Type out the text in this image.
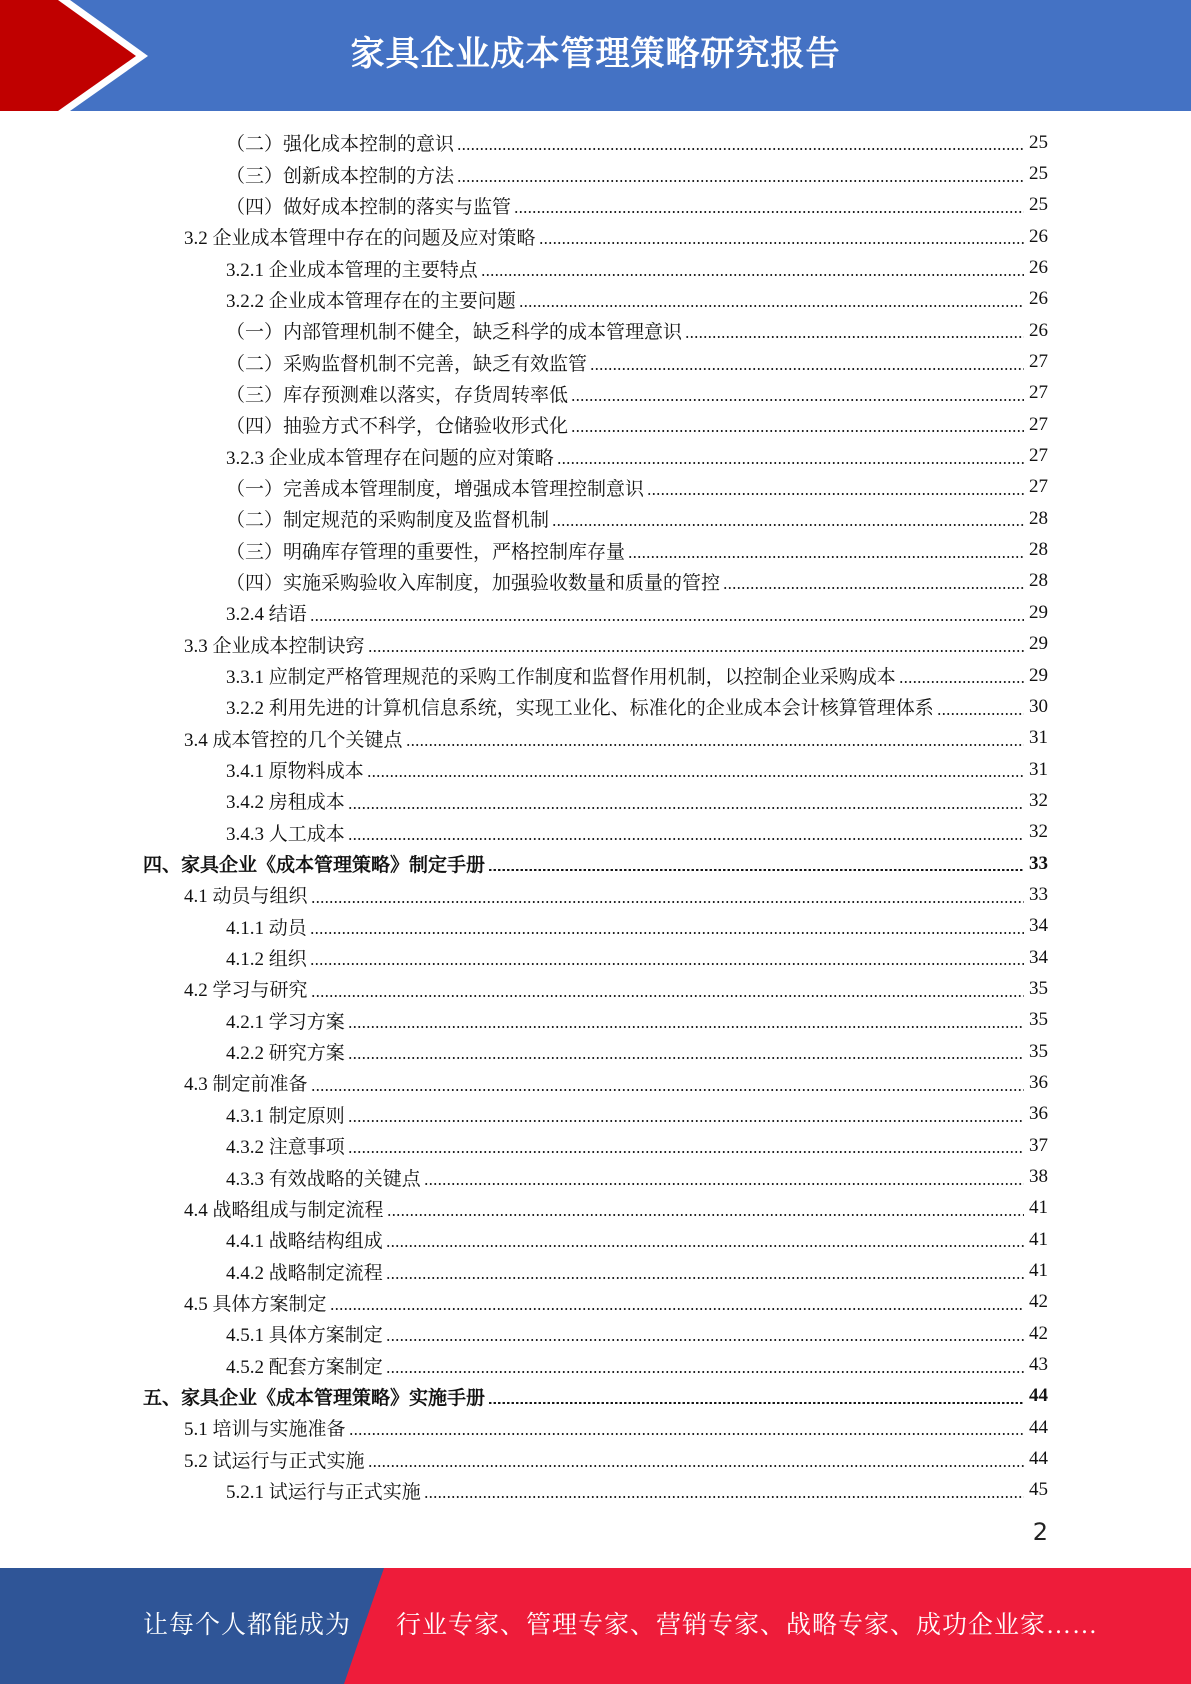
家具企业成本管理策略研究报告
（二）强化成本控制的意识	25
（三）创新成本控制的方法	25
（四）做好成本控制的落实与监管	25
3.2 企业成本管理中存在的问题及应对策略	26
3.2.1 企业成本管理的主要特点	26
3.2.2 企业成本管理存在的主要问题	26
（一）内部管理机制不健全，缺乏科学的成本管理意识	26
（二）采购监督机制不完善，缺乏有效监管	27
（三）库存预测难以落实，存货周转率低	27
（四）抽验方式不科学，仓储验收形式化	27
3.2.3 企业成本管理存在问题的应对策略	27
（一）完善成本管理制度，增强成本管理控制意识	27
（二）制定规范的采购制度及监督机制	28
（三）明确库存管理的重要性，严格控制库存量	28
（四）实施采购验收入库制度，加强验收数量和质量的管控	28
3.2.4 结语	29
3.3 企业成本控制诀窍	29
3.3.1 应制定严格管理规范的采购工作制度和监督作用机制，以控制企业采购成本	29
3.2.2 利用先进的计算机信息系统，实现工业化、标准化的企业成本会计核算管理体系	30
3.4 成本管控的几个关键点	31
3.4.1 原物料成本	31
3.4.2 房租成本	32
3.4.3 人工成本	32
四、家具企业《成本管理策略》制定手册	33
4.1 动员与组织	33
4.1.1 动员	34
4.1.2 组织	34
4.2 学习与研究	35
4.2.1 学习方案	35
4.2.2 研究方案	35
4.3 制定前准备	36
4.3.1 制定原则	36
4.3.2 注意事项	37
4.3.3 有效战略的关键点	38
4.4 战略组成与制定流程	41
4.4.1 战略结构组成	41
4.4.2 战略制定流程	41
4.5 具体方案制定	42
4.5.1 具体方案制定	42
4.5.2 配套方案制定	43
五、家具企业《成本管理策略》实施手册	44
5.1 培训与实施准备	44
5.2 试运行与正式实施	44
5.2.1 试运行与正式实施	45
2
让每个人都能成为 行业专家、管理专家、营销专家、战略专家、成功企业家……
